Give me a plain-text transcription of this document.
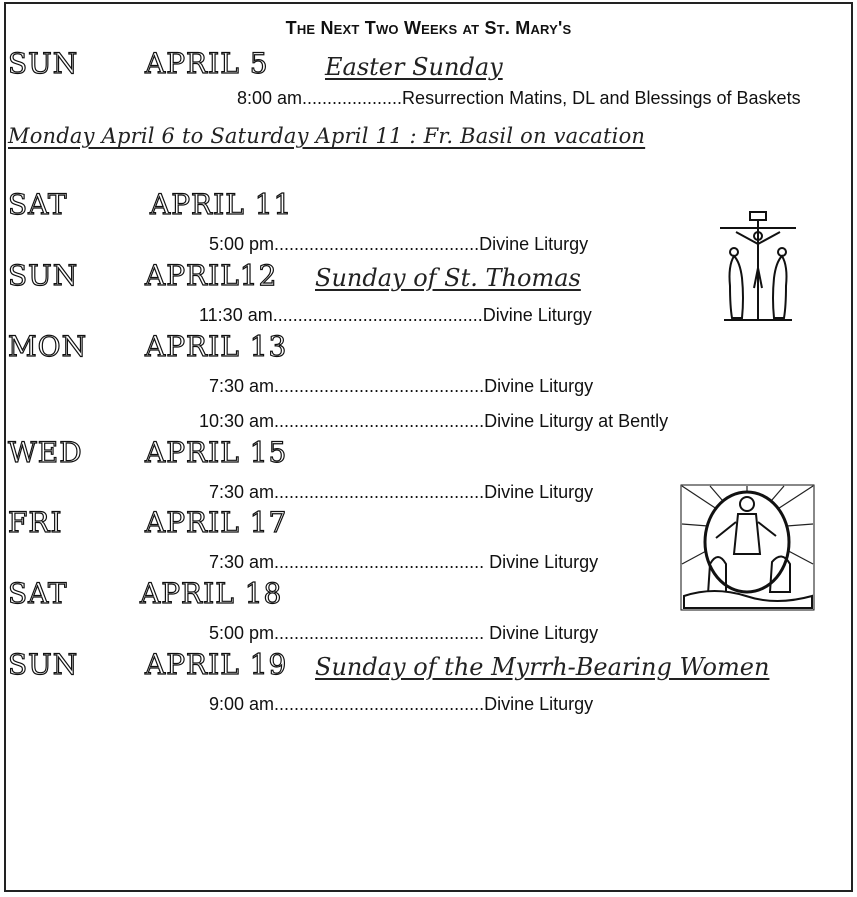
The Next Two Weeks at St. Mary's
SUN APRIL 5 Easter Sunday
8:00 am....................Resurrection Matins, DL and Blessings of Baskets
Monday April 6 to Saturday April 11 : Fr. Basil on vacation
SAT	APRIL 11
5:00 pm.........................................Divine Liturgy
SUN APRIL12 Sunday of St. Thomas
11:30 am..........................................Divine Liturgy
MON APRIL 13
7:30 am..........................................Divine Liturgy
10:30 am..........................................Divine Liturgy at Bently
WED APRIL 15
7:30 am..........................................Divine Liturgy
FRI	APRIL 17
7:30 am.......................................... Divine Liturgy
SAT	APRIL 18
5:00 pm.......................................... Divine Liturgy
SUN APRIL 19 Sunday of the Myrrh-Bearing Women
9:00 am..........................................Divine Liturgy
